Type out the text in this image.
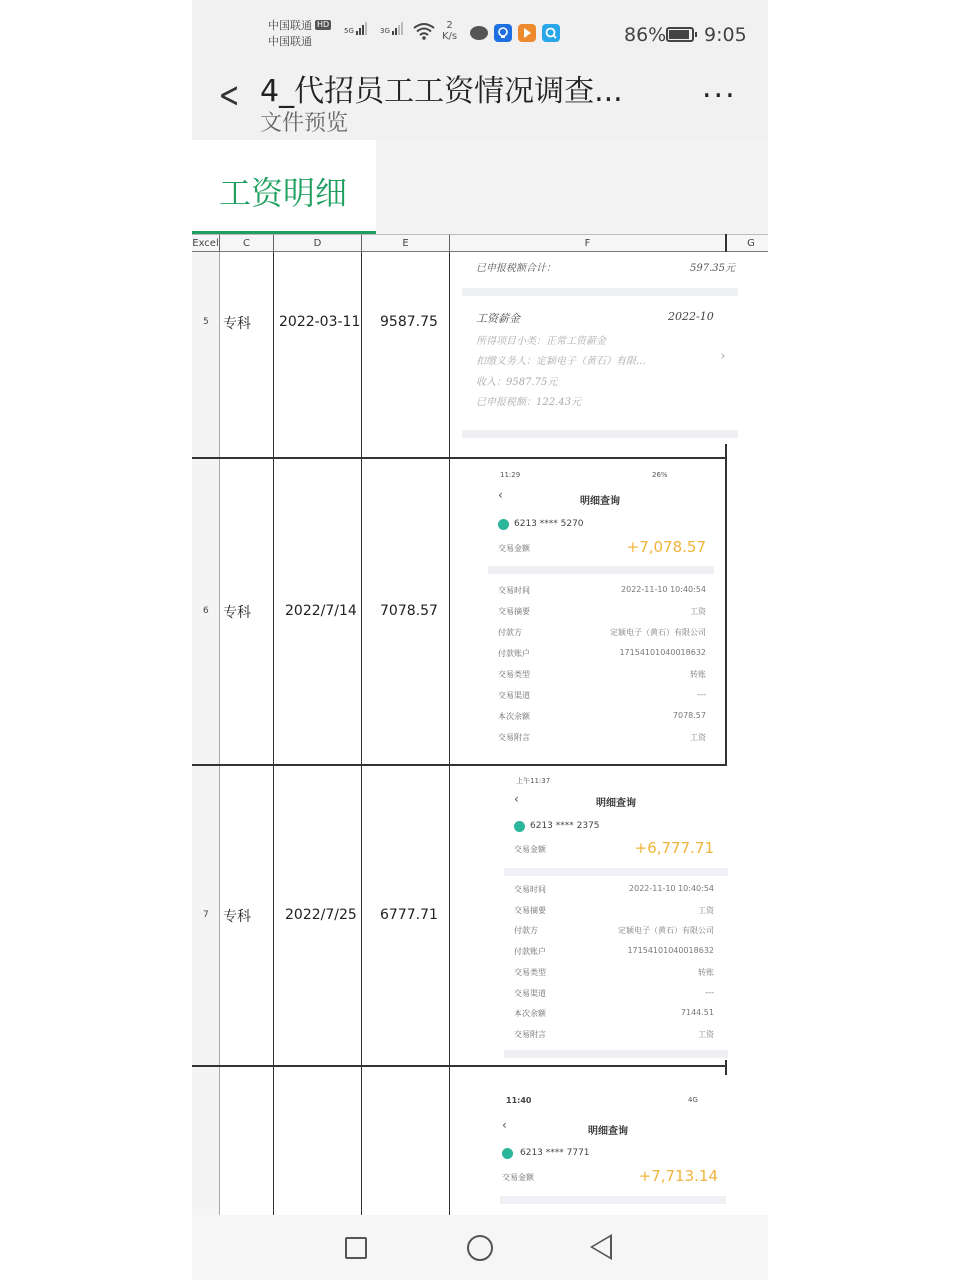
中国联通 HD
中国联通
5G	3G	2
K/s	86% 9:05
< 4_代招员工工资情况调查...
文件预览
...
工资明细
Excel	C	D	E	F	G
5 专科 2022-03-11 9587.75
已申报税额合计：	597.35元
工资薪金	2022-10
所得项目小类：正常工资薪金
扣缴义务人：定颖电子（黄石）有限…	›
收入：9587.75元
已申报税额：122.43元
6 专科 2022/7/14 7078.57
11:29	26%
‹	明细查询
6213 **** 5270
交易金额	+7,078.57
交易时间	2022-11-10 10:40:54
交易摘要	工资
付款方	定颖电子（黄石）有限公司
付款账户	1715410104001863​2
交易类型	转账
交易渠道	---
本次余额	7078.57
交易附言	工资
7 专科 2022/7/25 6777.71
上午11:37
‹	明细查询
6213 **** 2375
交易金额	+6,777.71
交易时间	2022-11-10 10:40:54
交易摘要	工资
付款方	定颖电子（黄石）有限公司
付款账户	17154101040018632
交易类型	转账
交易渠道	---
本次余额	7144.51
交易附言	工资
11:40	4G
‹	明细查询
6213 **** 7771
交易金额	+7,713.14
